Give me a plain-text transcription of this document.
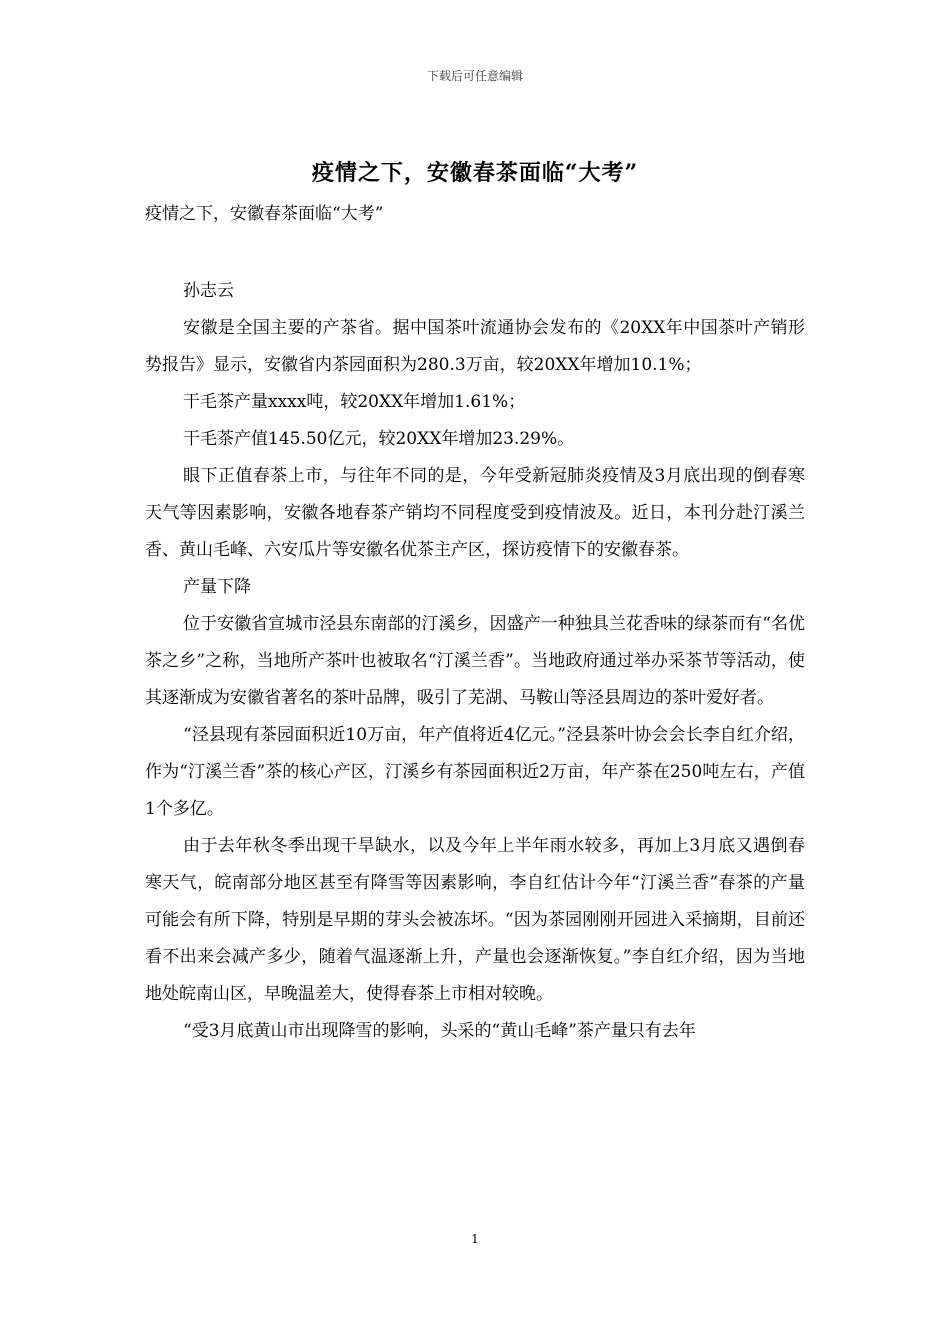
下载后可任意编辑
疫情之下，安徽春茶面临“大考”

疫情之下，安徽春茶面临“大考”

孙志云

安徽是全国主要的产茶省。据中国茶叶流通协会发布的《20XX年中国茶叶产销形势报告》显示，安徽省内茶园面积为280.3万亩，较20XX年增加10.1%；

干毛茶产量xxxx吨，较20XX年增加1.61%；

干毛茶产值145.50亿元，较20XX年增加23.29%。

眼下正值春茶上市，与往年不同的是，今年受新冠肺炎疫情及3月底出现的倒春寒天气等因素影响，安徽各地春茶产销均不同程度受到疫情波及。近日，本刊分赴汀溪兰香、黄山毛峰、六安瓜片等安徽名优茶主产区，探访疫情下的安徽春茶。

产量下降

位于安徽省宣城市泾县东南部的汀溪乡，因盛产一种独具兰花香味的绿茶而有“名优茶之乡”之称，当地所产茶叶也被取名“汀溪兰香”。当地政府通过举办采茶节等活动，使其逐渐成为安徽省著名的茶叶品牌，吸引了芜湖、马鞍山等泾县周边的茶叶爱好者。

“泾县现有茶园面积近10万亩，年产值将近4亿元。”泾县茶叶协会会长李自红介绍，作为“汀溪兰香”茶的核心产区，汀溪乡有茶园面积近2万亩，年产茶在250吨左右，产值1个多亿。

由于去年秋冬季出现干旱缺水，以及今年上半年雨水较多，再加上3月底又遇倒春寒天气，皖南部分地区甚至有降雪等因素影响，李自红估计今年“汀溪兰香”春茶的产量可能会有所下降，特别是早期的芽头会被冻坏。“因为茶园刚刚开园进入采摘期，目前还看不出来会减产多少，随着气温逐渐上升，产量也会逐渐恢复。”李自红介绍，因为当地地处皖南山区，早晚温差大，使得春茶上市相对较晚。

“受3月底黄山市出现降雪的影响，头采的“黄山毛峰”茶产量只有去年

1
